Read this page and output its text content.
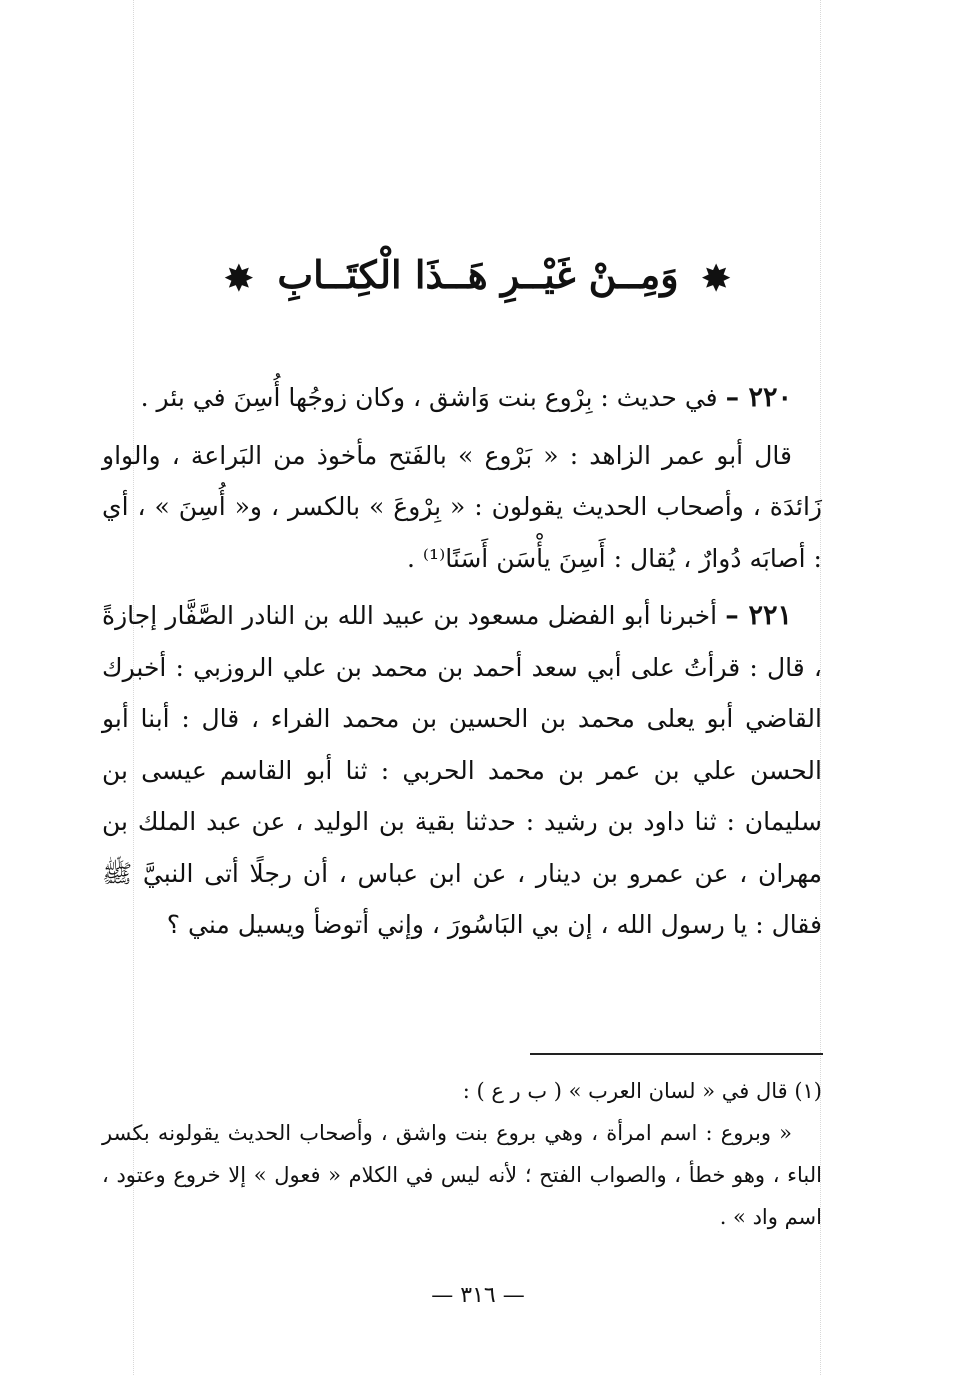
✸ وَمِــنْ غَيْــرِ هَــذَا الْكِتَــابِ ✸

٢٢٠ – في حديث : بِرْوع بنت وَاشق ، وكان زوجُها أُسِنَ في بئر .

قال أبو عمر الزاهد : « بَرْوع » بالفَتح مأخوذ من البَراعة ، والواو زَائدَة ، وأصحاب الحديث يقولون : « بِرْوعَ » بالكسر ، و« أُسِنَ » ، أي : أصابَه دُوارٌ ، يُقال : أَسِنَ يأْسَن أَسَنًا⁽¹⁾ .

٢٢١ – أخبرنا أبو الفضل مسعود بن عبيد الله بن النادر الصَّفَّار إجازةً ، قال : قرأتُ على أبي سعد أحمد بن محمد بن علي الروزبي : أخبرك القاضي أبو يعلى محمد بن الحسين بن محمد الفراء ، قال : أبنا أبو الحسن علي بن عمر بن محمد الحربي : ثنا أبو القاسم عيسى بن سليمان : ثنا داود بن رشيد : حدثنا بقية بن الوليد ، عن عبد الملك بن مهران ، عن عمرو بن دينار ، عن ابن عباس ، أن رجلًا أتى النبيَّ ﷺ فقال : يا رسول الله ، إن بي البَاسُورَ ، وإني أتوضأ ويسيل مني ؟

(١) قال في « لسان العرب » ( ب ر ع ) :

« وبروع : اسم امرأة ، وهي بروع بنت واشق ، وأصحاب الحديث يقولونه بكسر الباء ، وهو خطأ ، والصواب الفتح ؛ لأنه ليس في الكلام « فعول » إلا خروع وعتود ، اسم واد » .

— ٣١٦ —
